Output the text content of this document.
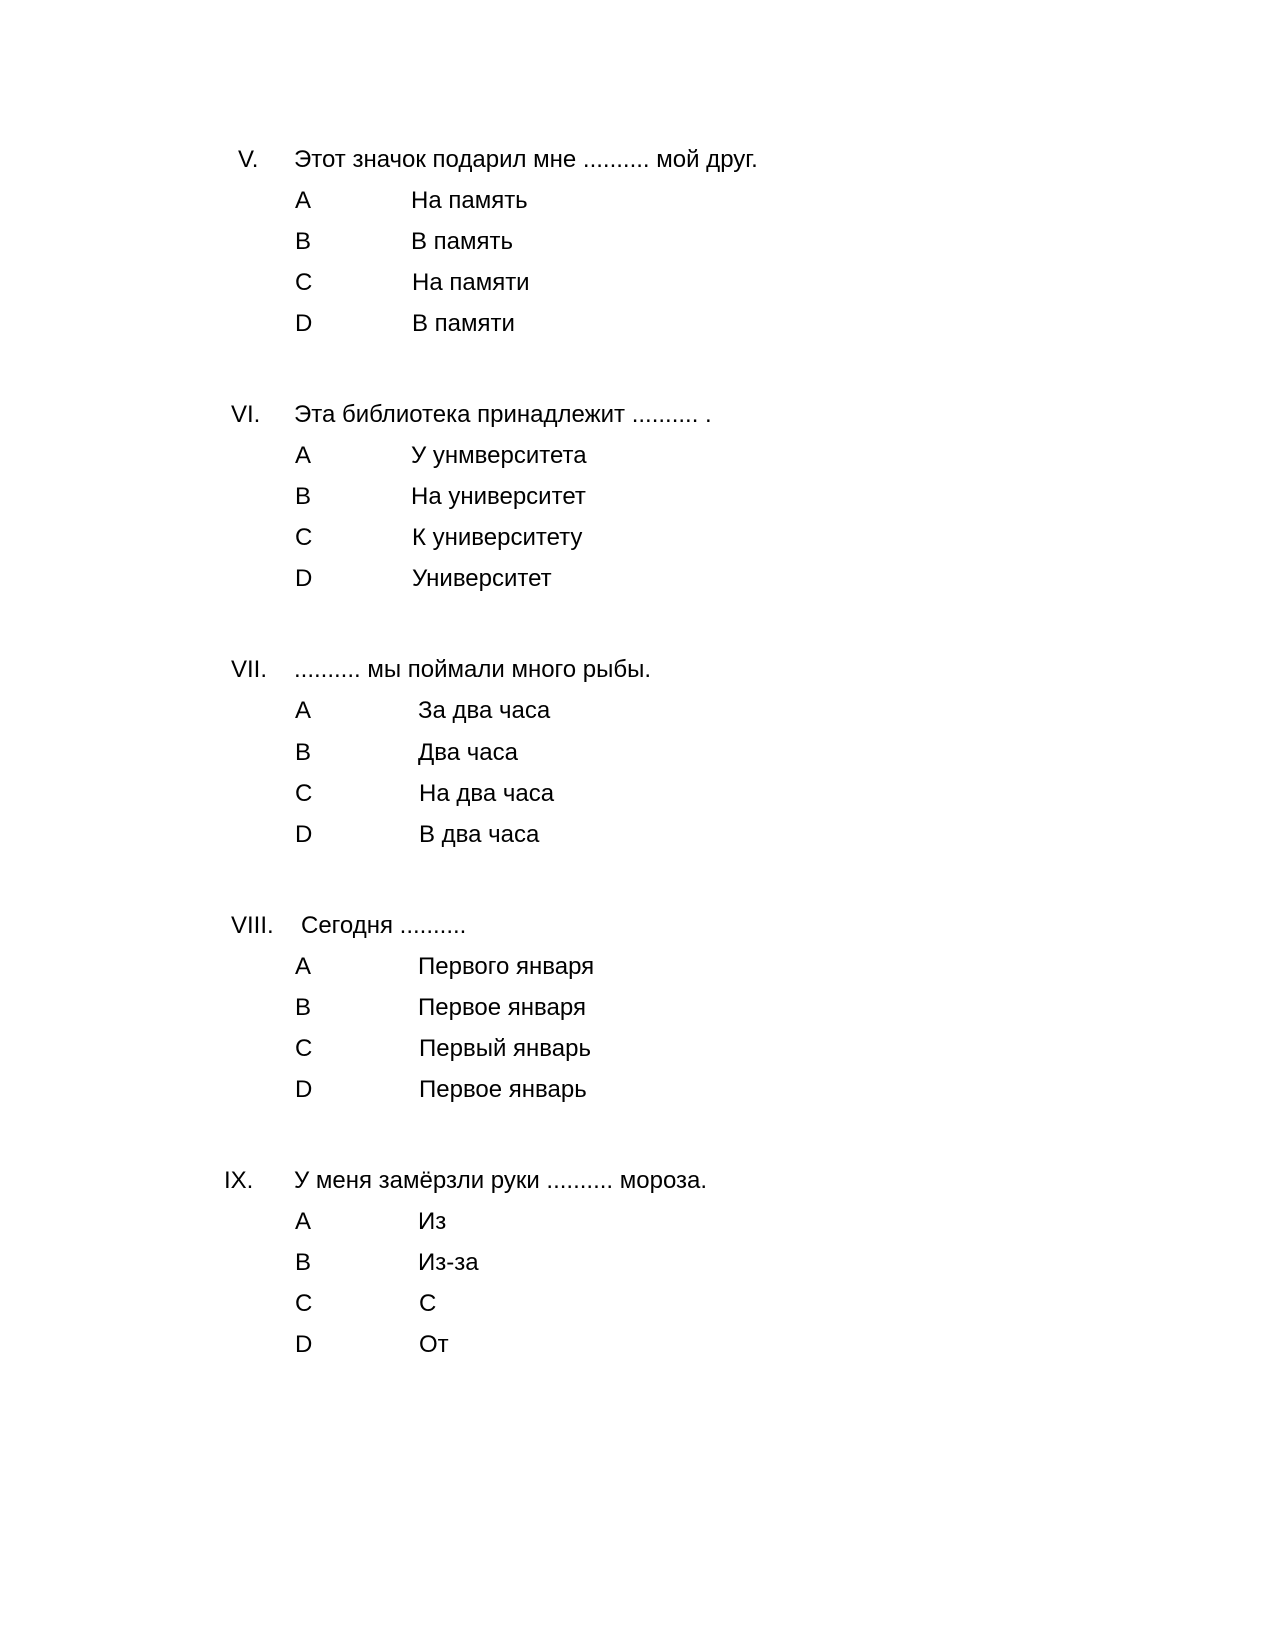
V. Этот значок подарил мне .......... мой друг.
A	На память
B	В память
C	На памяти
D	В памяти
VI. Эта библиотека принадлежит .......... .
A	У унмверситета
B	На университет
C	К университету
D	Университет
VII. .......... мы поймали много рыбы.
A	За два часа
B	Два часа
C	На два часа
D	В два часа
VIII. Сегодня ..........
A	Первого января
B	Первое января
C	Первый январь
D	Первое январь
IX. У меня замёрзли руки .......... мороза.
A	Из
B	Из-за
C	С
D	От
